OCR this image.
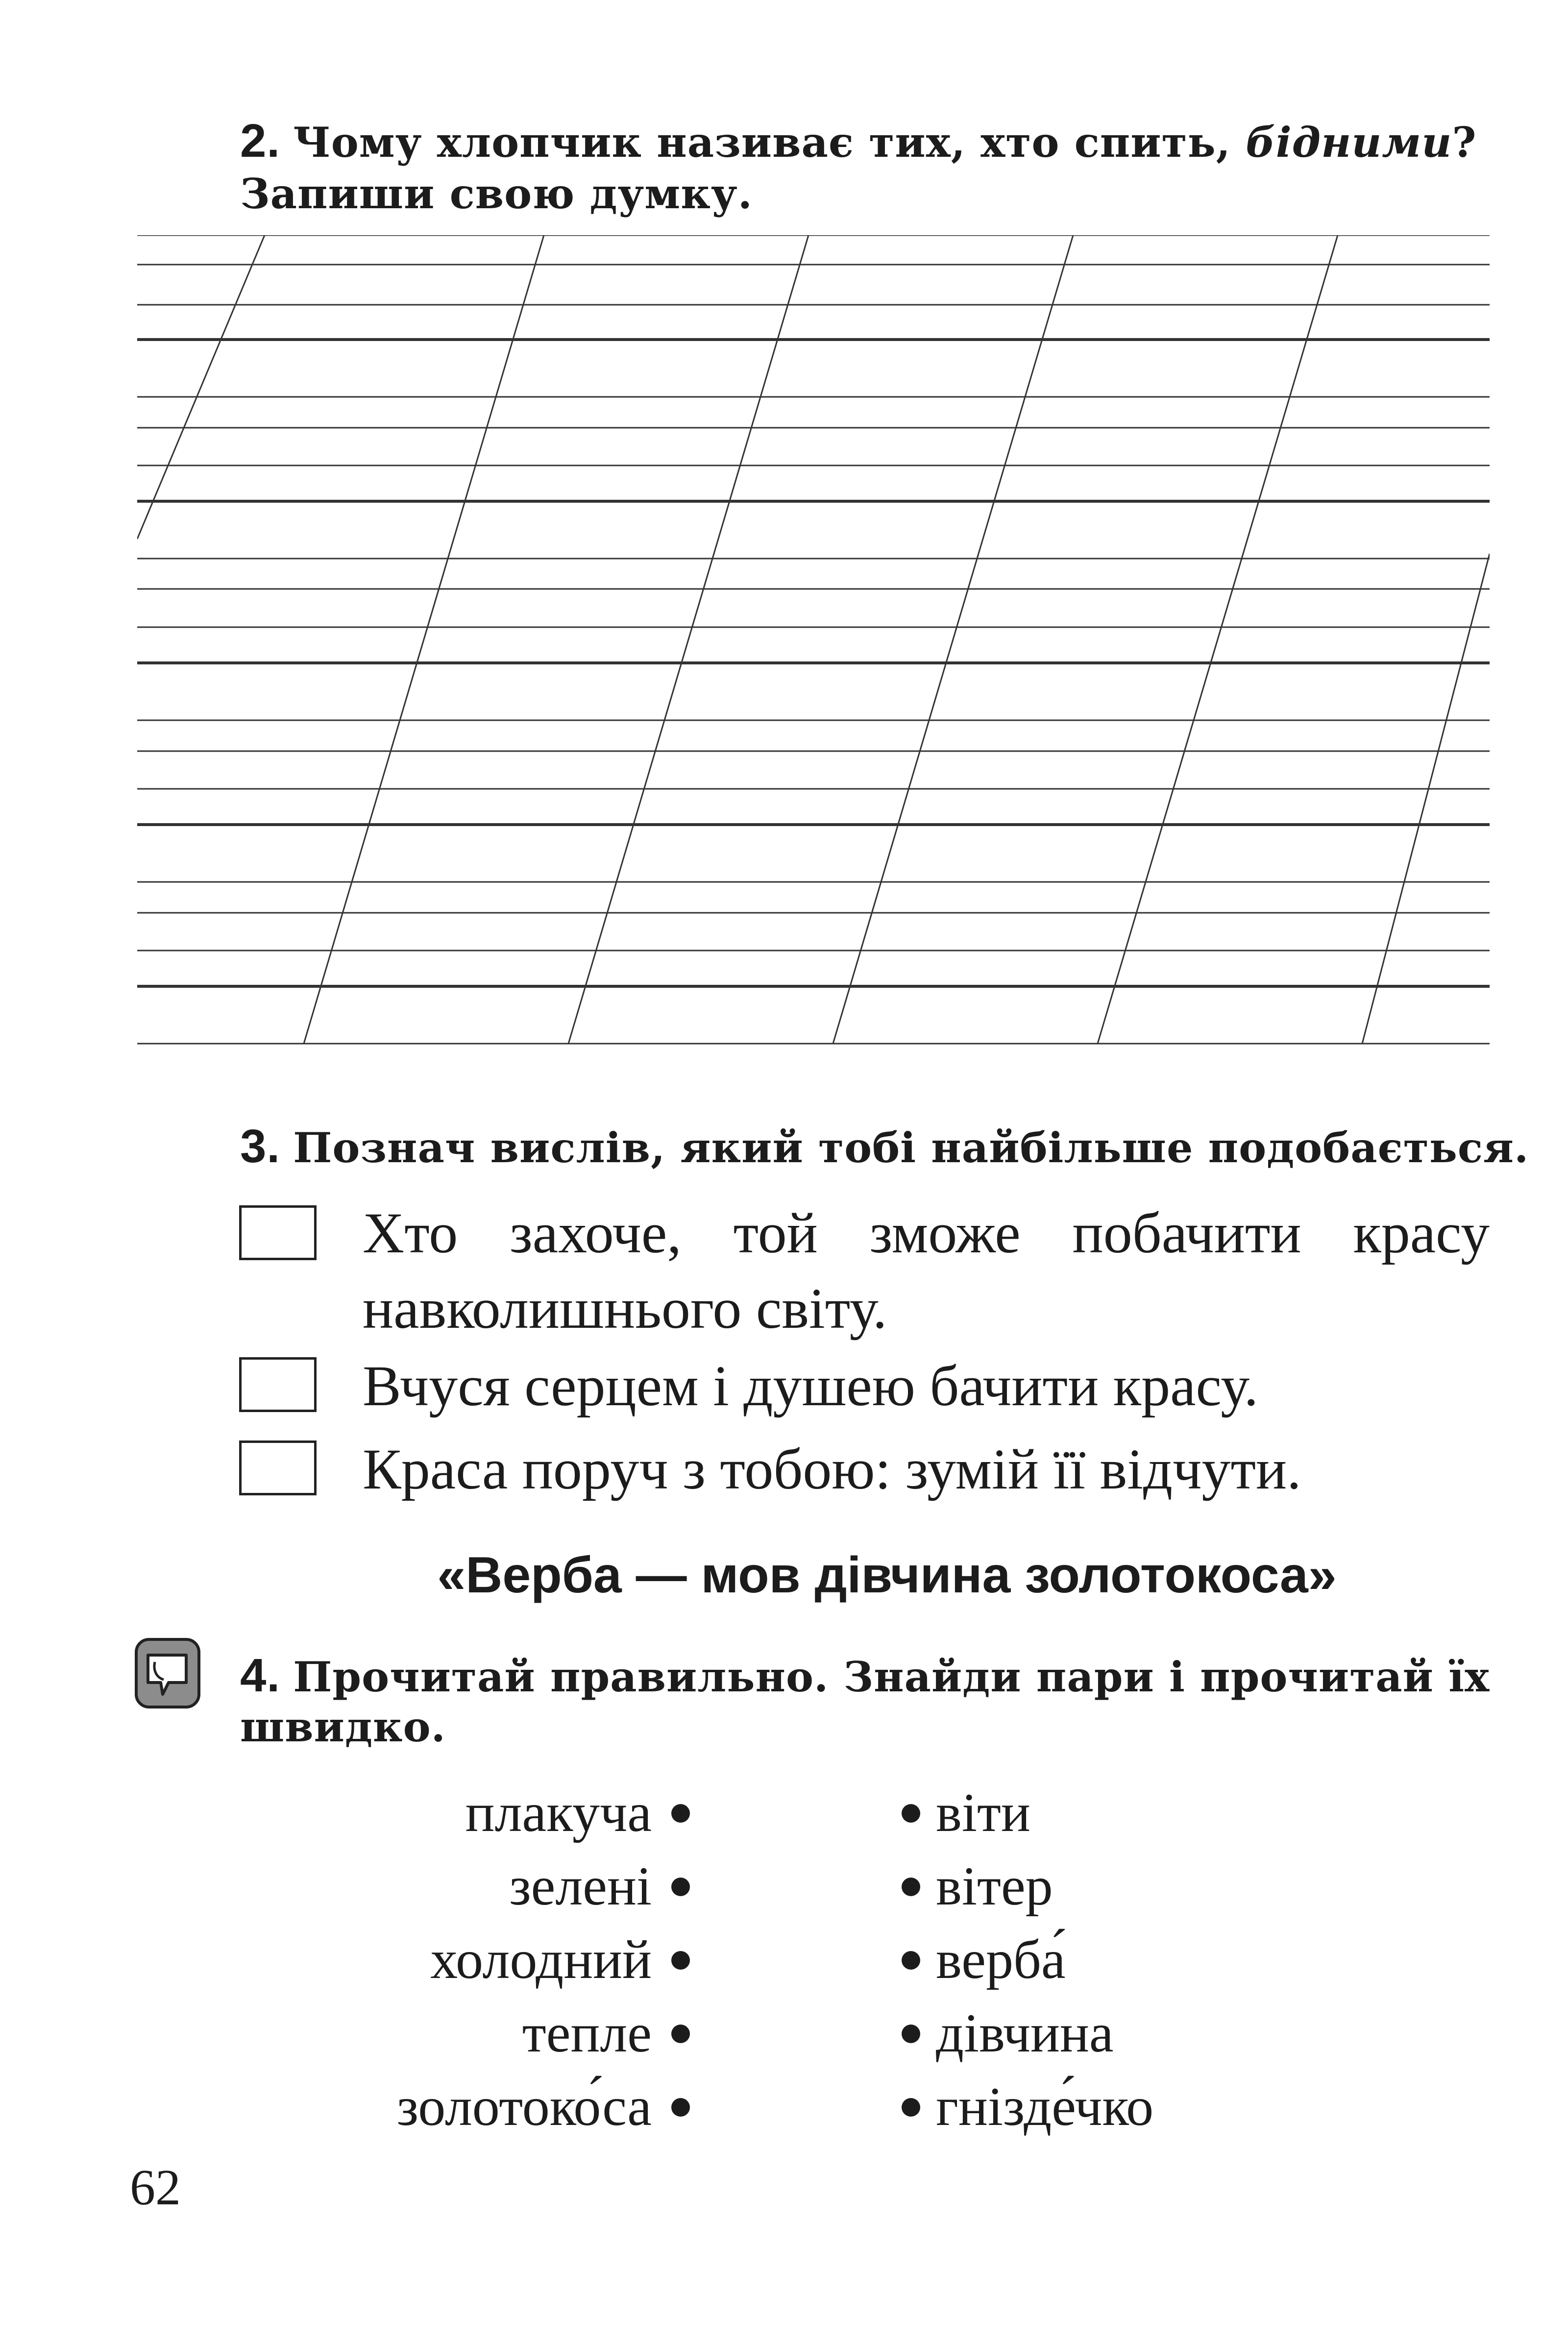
2. Чому хлопчик називає тих, хто спить, бідними?
Запиши свою думку.
3. Познач вислів, який тобі найбільше подобається.
Хто захоче, той зможе побачити красу навколишнього світу.
Вчуся серцем і душею бачити красу.
Краса поруч з тобою: зумій її відчути.
«Верба — мов дівчина золотокоса»
4. Прочитай правильно. Знайди пари і прочитай їх
швидко.
плакуча	віти
зелені	вітер
холодний	верба́
тепле	дівчина
золотоко́са	гнізде́чко
62
